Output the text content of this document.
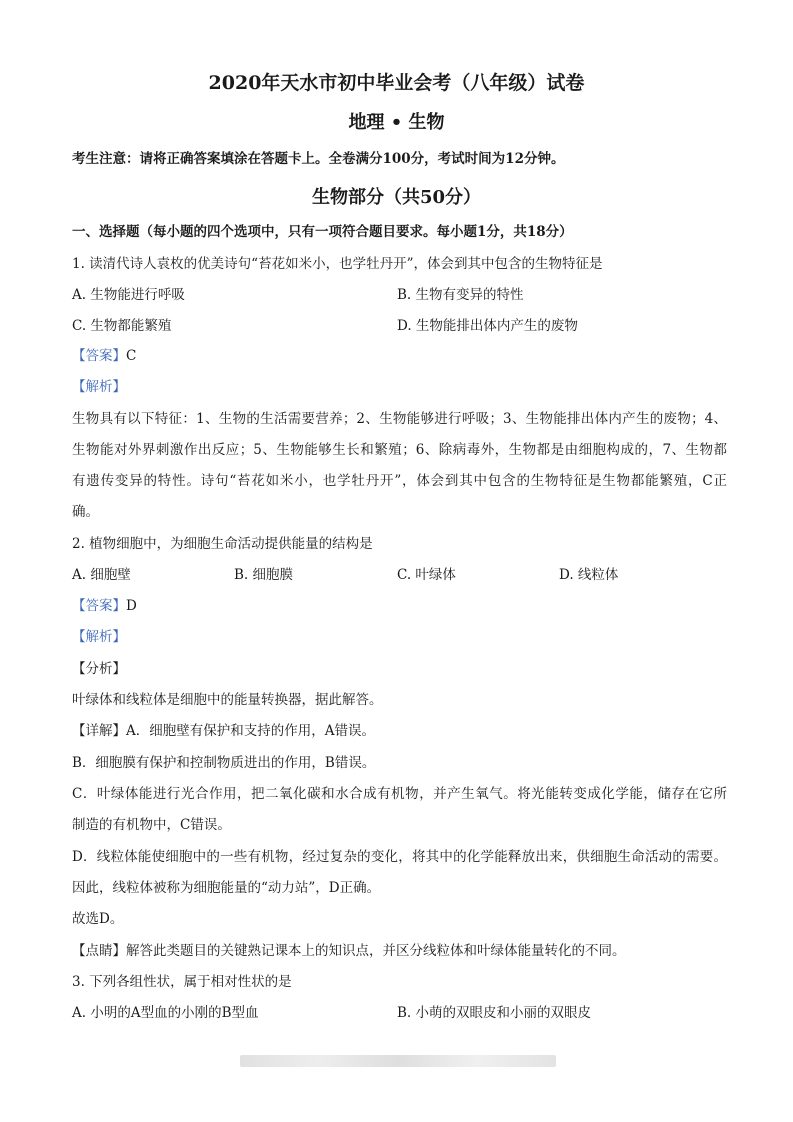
2020年天水市初中毕业会考（八年级）试卷
地理 • 生物
考生注意：请将正确答案填涂在答题卡上。全卷满分100分，考试时间为12分钟。
生物部分（共50分）
一、选择题（每小题的四个选项中，只有一项符合题目要求。每小题1分，共18分）
1. 读清代诗人袁枚的优美诗句“苔花如米小，也学牡丹开”，体会到其中包含的生物特征是
A. 生物能进行呼吸	B. 生物有变异的特性
C. 生物都能繁殖	D. 生物能排出体内产生的废物
【答案】C
【解析】
生物具有以下特征：1、生物的生活需要营养；2、生物能够进行呼吸；3、生物能排出体内产生的废物；4、
生物能对外界刺激作出反应；5、生物能够生长和繁殖；6、除病毒外，生物都是由细胞构成的，7、生物都
有遗传变异的特性。诗句“苔花如米小，也学牡丹开”，体会到其中包含的生物特征是生物都能繁殖，C正
确。
2. 植物细胞中，为细胞生命活动提供能量的结构是
A. 细胞壁	B. 细胞膜	C. 叶绿体	D. 线粒体
【答案】D
【解析】
【分析】
叶绿体和线粒体是细胞中的能量转换器，据此解答。
【详解】A．细胞壁有保护和支持的作用，A错误。
B．细胞膜有保护和控制物质进出的作用，B错误。
C．叶绿体能进行光合作用，把二氧化碳和水合成有机物，并产生氧气。将光能转变成化学能，储存在它所
制造的有机物中，C错误。
D．线粒体能使细胞中的一些有机物，经过复杂的变化，将其中的化学能释放出来，供细胞生命活动的需要。
因此，线粒体被称为细胞能量的“动力站”，D正确。
故选D。
【点睛】解答此类题目的关键熟记课本上的知识点，并区分线粒体和叶绿体能量转化的不同。
3. 下列各组性状，属于相对性状的是
A. 小明的A型血的小刚的B型血	B. 小萌的双眼皮和小丽的双眼皮
